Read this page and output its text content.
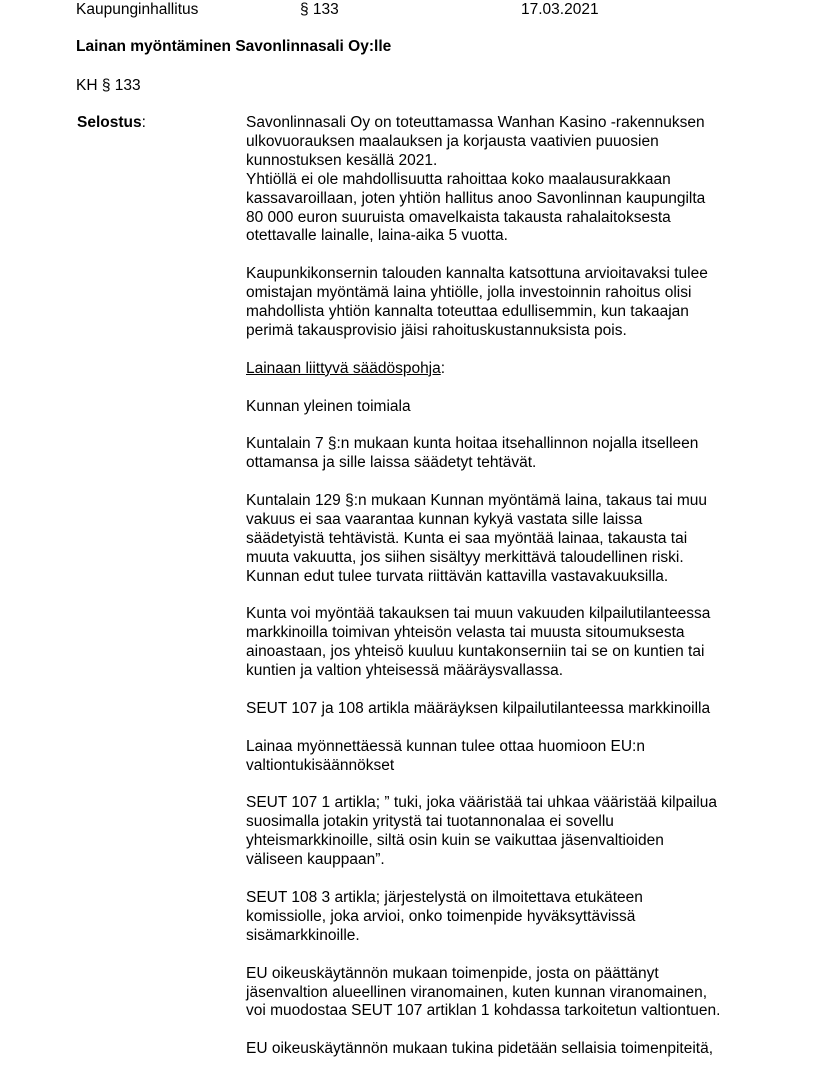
Kaupunginhallitus	§ 133	17.03.2021
Lainan myöntäminen Savonlinnasali Oy:lle
KH § 133
Selostus:	Savonlinnasali Oy on toteuttamassa Wanhan Kasino -rakennuksen
ulkovuorauksen maalauksen ja korjausta vaativien puuosien
kunnostuksen kesällä 2021.
Yhtiöllä ei ole mahdollisuutta rahoittaa koko maalausurakkaan
kassavaroillaan, joten yhtiön hallitus anoo Savonlinnan kaupungilta
80 000 euron suuruista omavelkaista takausta rahalaitoksesta
otettavalle lainalle, laina-aika 5 vuotta.

Kaupunkikonsernin talouden kannalta katsottuna arvioitavaksi tulee
omistajan myöntämä laina yhtiölle, jolla investoinnin rahoitus olisi
mahdollista yhtiön kannalta toteuttaa edullisemmin, kun takaajan
perimä takausprovisio jäisi rahoituskustannuksista pois.

Lainaan liittyvä säädöspohja:

Kunnan yleinen toimiala

Kuntalain 7 §:n mukaan kunta hoitaa itsehallinnon nojalla itselleen
ottamansa ja sille laissa säädetyt tehtävät.

Kuntalain 129 §:n mukaan Kunnan myöntämä laina, takaus tai muu
vakuus ei saa vaarantaa kunnan kykyä vastata sille laissa
säädetyistä tehtävistä. Kunta ei saa myöntää lainaa, takausta tai
muuta vakuutta, jos siihen sisältyy merkittävä taloudellinen riski.
Kunnan edut tulee turvata riittävän kattavilla vastavakuuksilla.

Kunta voi myöntää takauksen tai muun vakuuden kilpailutilanteessa
markkinoilla toimivan yhteisön velasta tai muusta sitoumuksesta
ainoastaan, jos yhteisö kuuluu kuntakonserniin tai se on kuntien tai
kuntien ja valtion yhteisessä määräysvallassa.

SEUT 107 ja 108 artikla määräyksen kilpailutilanteessa markkinoilla

Lainaa myönnettäessä kunnan tulee ottaa huomioon EU:n
valtiontukisäännökset

SEUT 107 1 artikla; ” tuki, joka vääristää tai uhkaa vääristää kilpailua
suosimalla jotakin yritystä tai tuotannonalaa ei sovellu
yhteismarkkinoille, siltä osin kuin se vaikuttaa jäsenvaltioiden
väliseen kauppaan”.

SEUT 108 3 artikla; järjestelystä on ilmoitettava etukäteen
komissiolle, joka arvioi, onko toimenpide hyväksyttävissä
sisämarkkinoille.

EU oikeuskäytännön mukaan toimenpide, josta on päättänyt
jäsenvaltion alueellinen viranomainen, kuten kunnan viranomainen,
voi muodostaa SEUT 107 artiklan 1 kohdassa tarkoitetun valtiontuen.

EU oikeuskäytännön mukaan tukina pidetään sellaisia toimenpiteitä,
